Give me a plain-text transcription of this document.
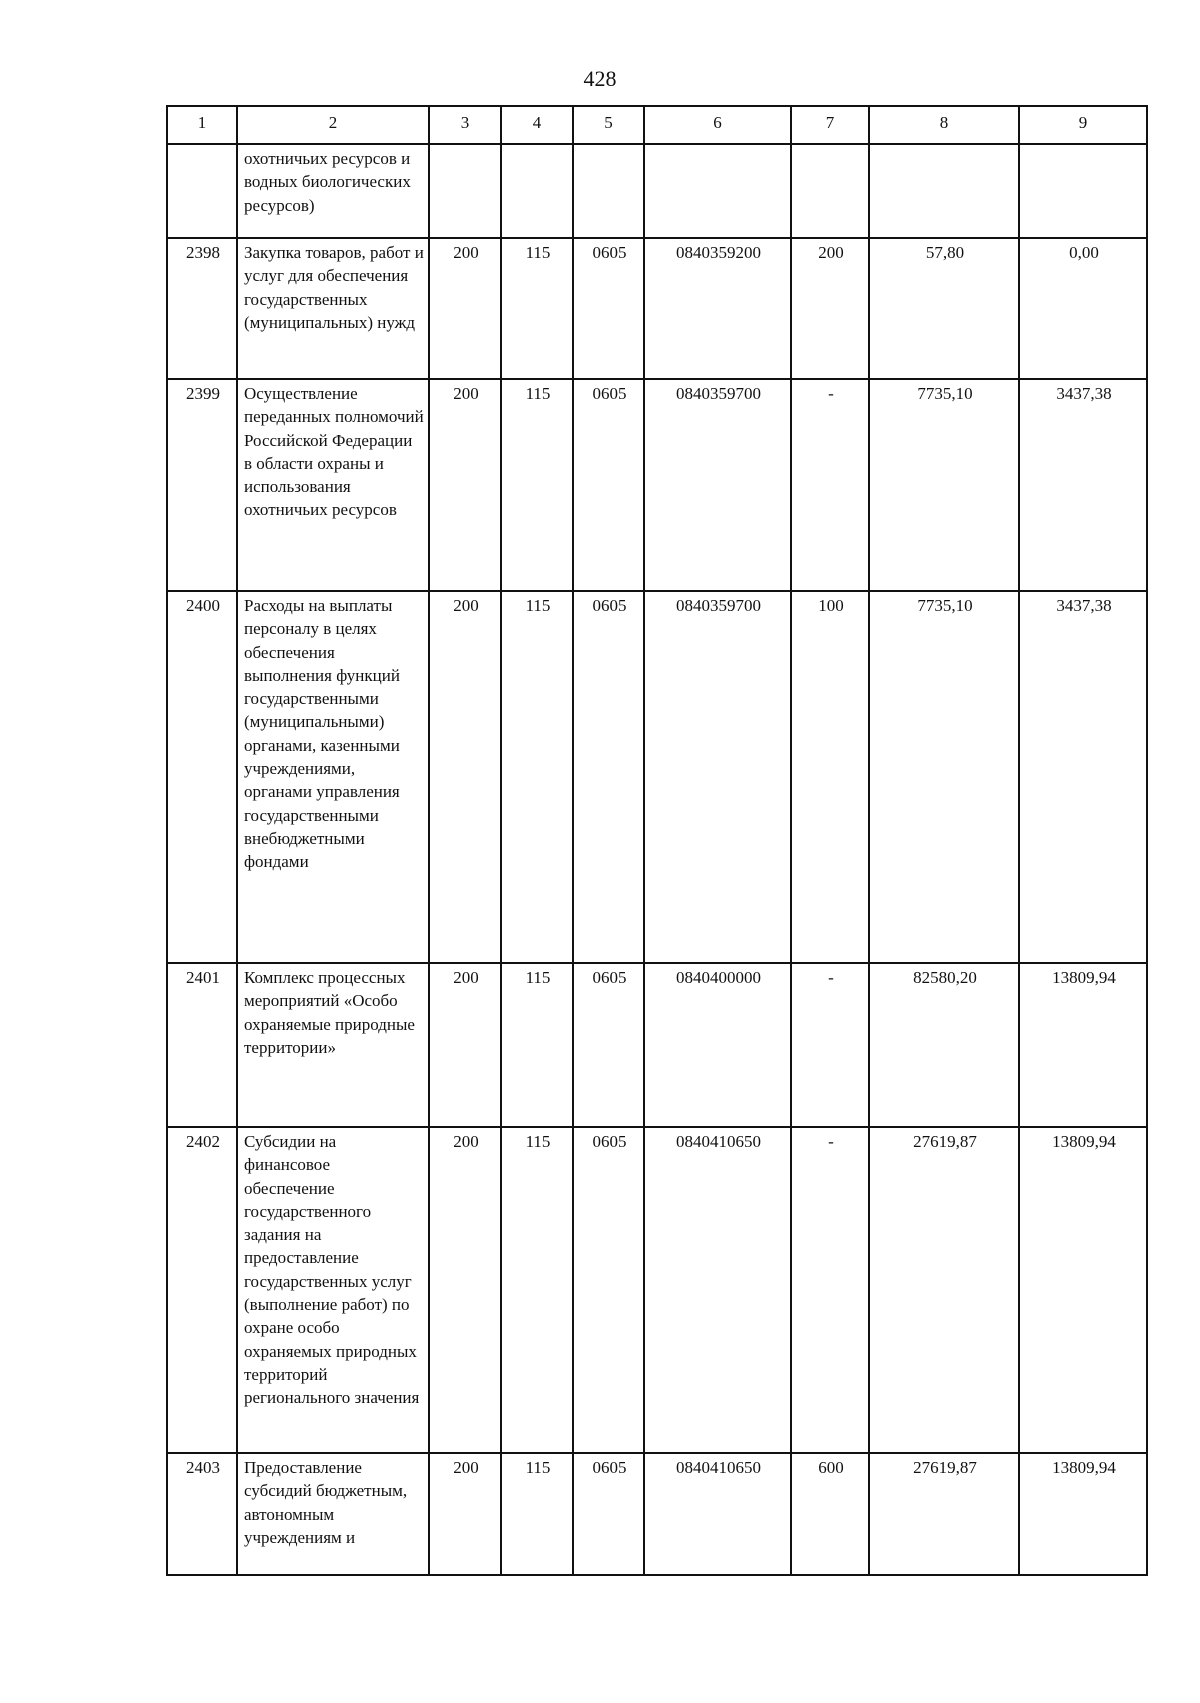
428
1	2	3	4	5	6	7	8	9
	охотничьих ресурсов и водных биологических ресурсов)							
2398	Закупка товаров, работ и услуг для обеспечения государственных (муниципальных) нужд	200	115	0605	0840359200	200	57,80	0,00
2399	Осуществление переданных полномочий Российской Федерации в области охраны и использования охотничьих ресурсов	200	115	0605	0840359700	-	7735,10	3437,38
2400	Расходы на выплаты персоналу в целях обеспечения выполнения функций государственными (муниципальными) органами, казенными учреждениями, органами управления государственными внебюджетными фондами	200	115	0605	0840359700	100	7735,10	3437,38
2401	Комплекс процессных мероприятий «Особо охраняемые природные территории»	200	115	0605	0840400000	-	82580,20	13809,94
2402	Субсидии на финансовое обеспечение государственного задания на предоставление государственных услуг (выполнение работ) по охране особо охраняемых природных территорий регионального значения	200	115	0605	0840410650	-	27619,87	13809,94
2403	Предоставление субсидий бюджетным, автономным учреждениям и	200	115	0605	0840410650	600	27619,87	13809,94
